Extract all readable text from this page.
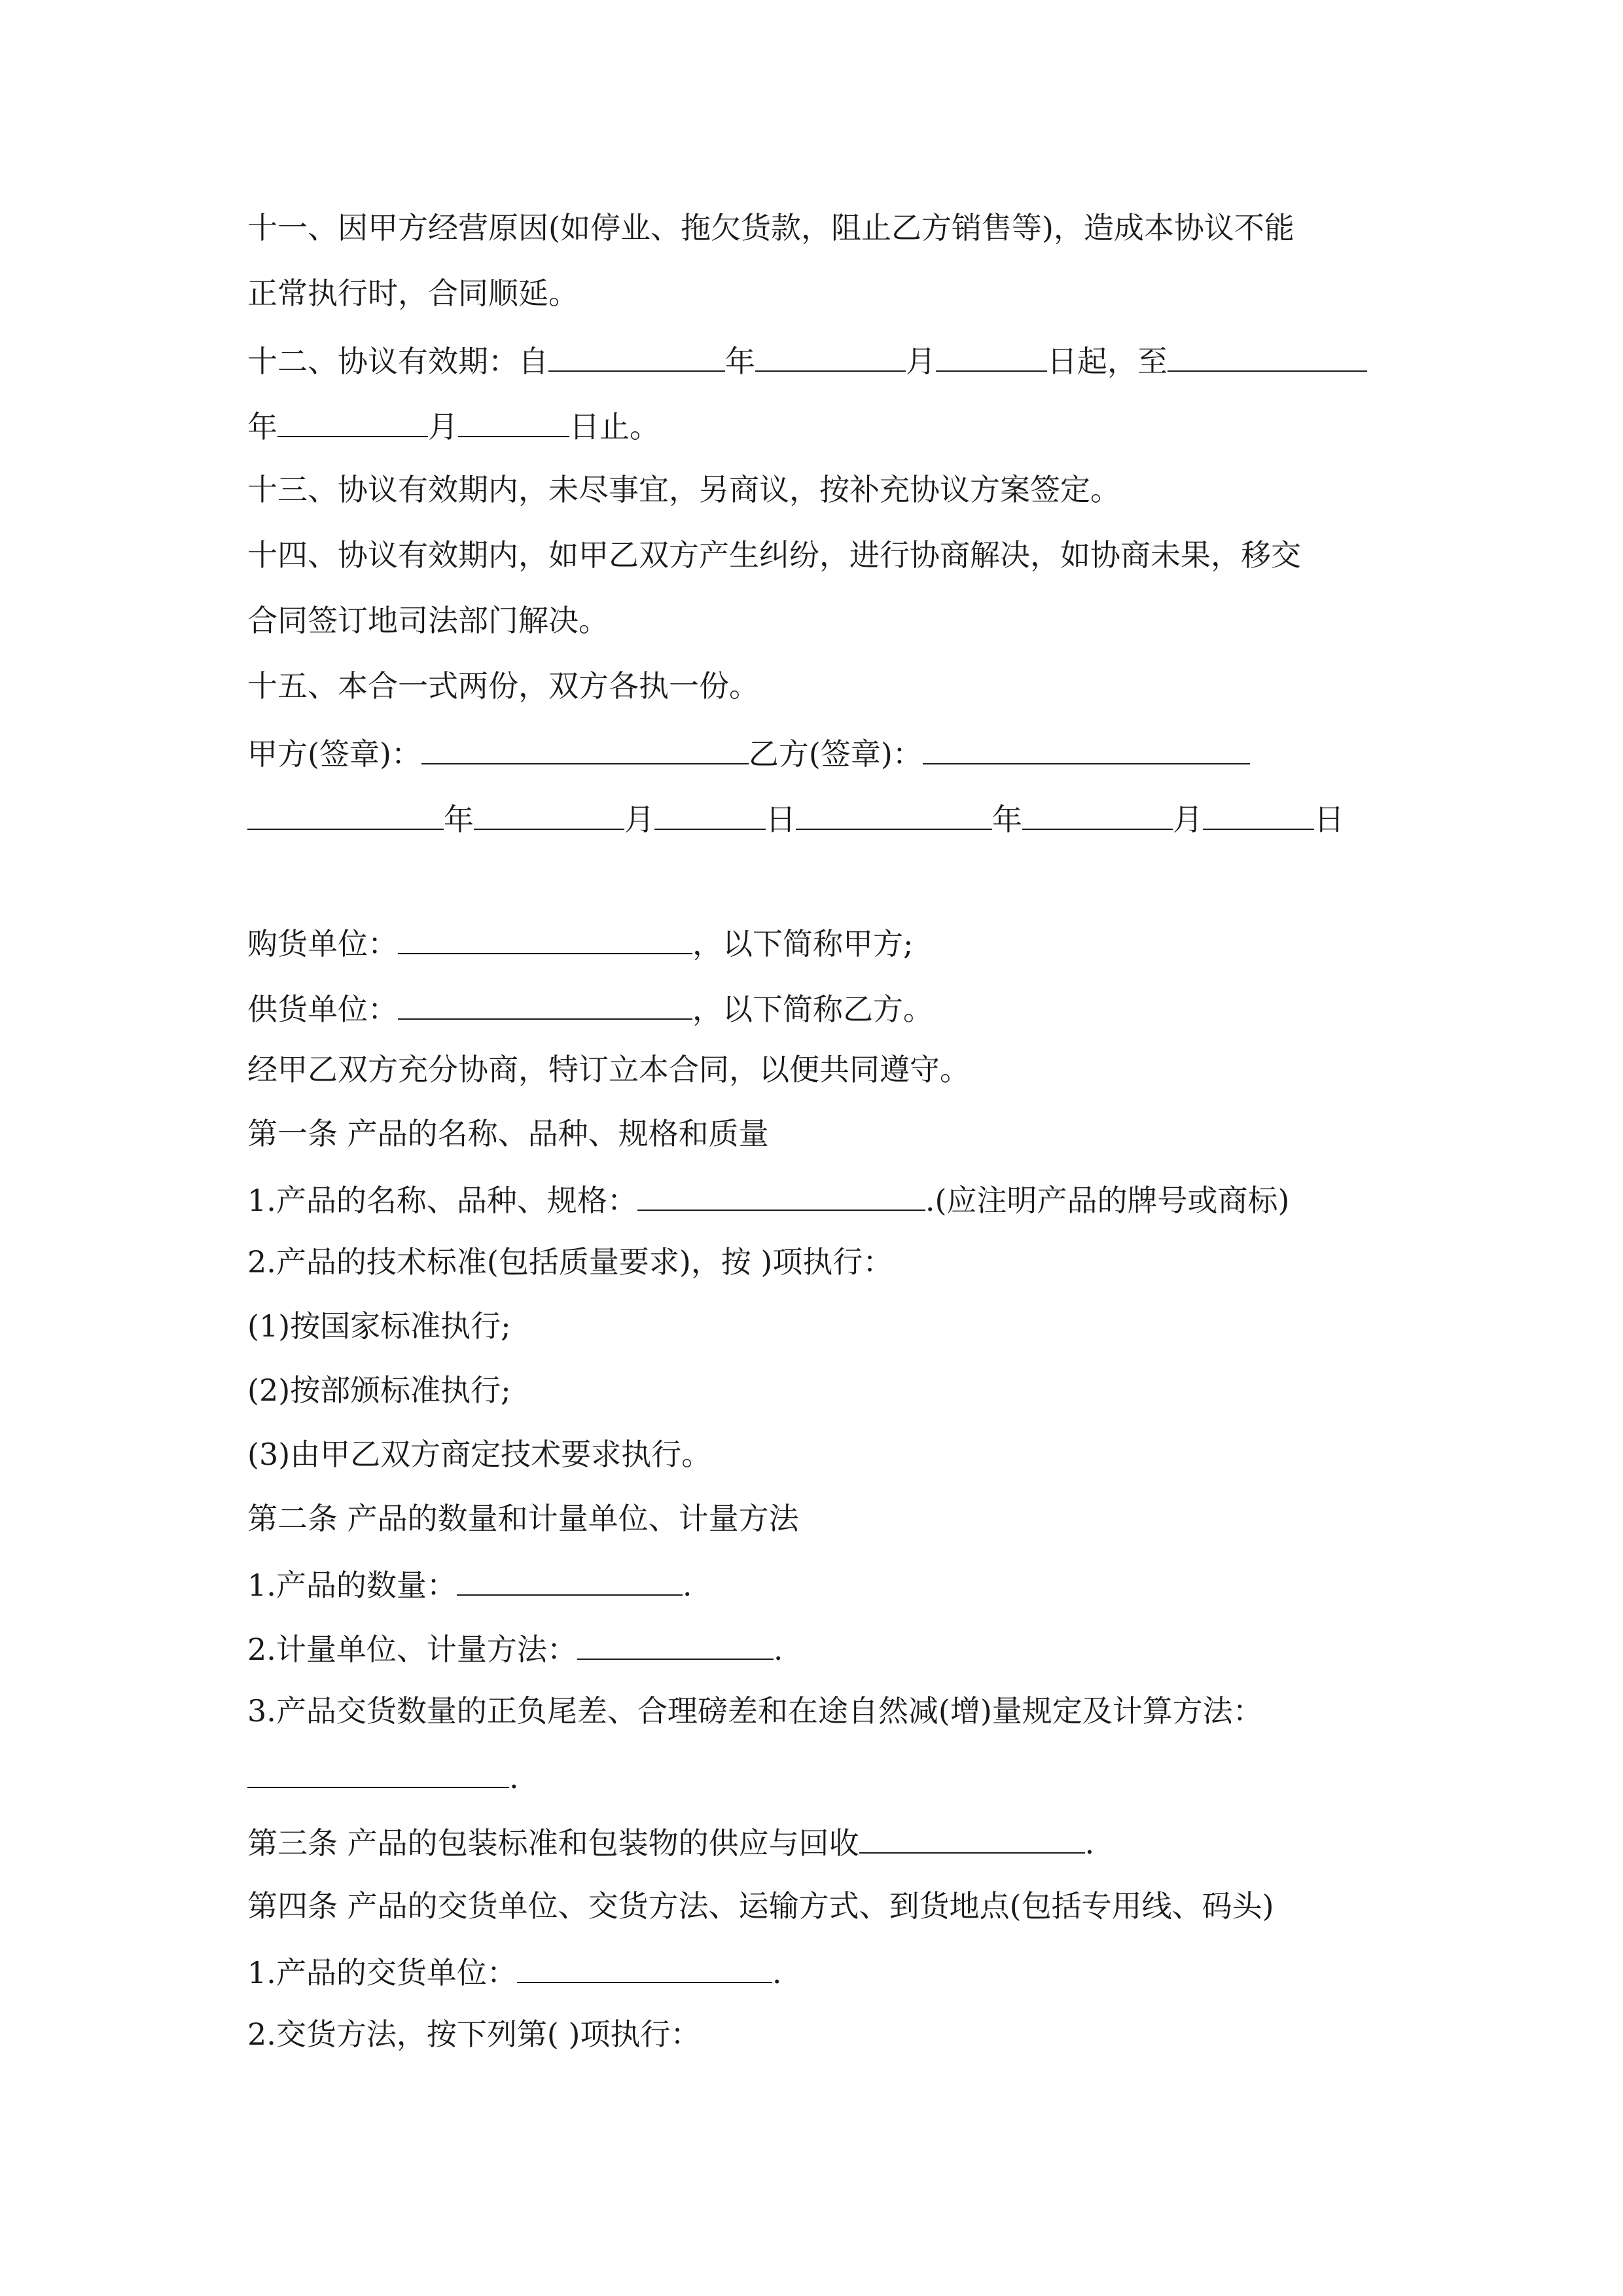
十一、因甲方经营原因(如停业、拖欠货款，阻止乙方销售等)，造成本协议不能
正常执行时，合同顺延。
十二、协议有效期：自	年	月	日起，至
年	月	日止。
十三、协议有效期内，未尽事宜，另商议，按补充协议方案签定。
十四、协议有效期内，如甲乙双方产生纠纷，进行协商解决，如协商未果，移交
合同签订地司法部门解决。
十五、本合一式两份，双方各执一份。
甲方(签章)：	乙方(签章)：
年	月	日	年	月	日
购货单位：	，以下简称甲方;
供货单位：	，以下简称乙方。
经甲乙双方充分协商，特订立本合同，以便共同遵守。
第一条 产品的名称、品种、规格和质量
1.产品的名称、品种、规格：	.(应注明产品的牌号或商标)
2.产品的技术标准(包括质量要求)，按 )项执行：
(1)按国家标准执行;
(2)按部颁标准执行;
(3)由甲乙双方商定技术要求执行。
第二条 产品的数量和计量单位、计量方法
1.产品的数量：	.
2.计量单位、计量方法：	.
3.产品交货数量的正负尾差、合理磅差和在途自然减(增)量规定及计算方法：
.
第三条 产品的包装标准和包装物的供应与回收	.
第四条 产品的交货单位、交货方法、运输方式、到货地点(包括专用线、码头)
1.产品的交货单位：	.
2.交货方法，按下列第( )项执行：
